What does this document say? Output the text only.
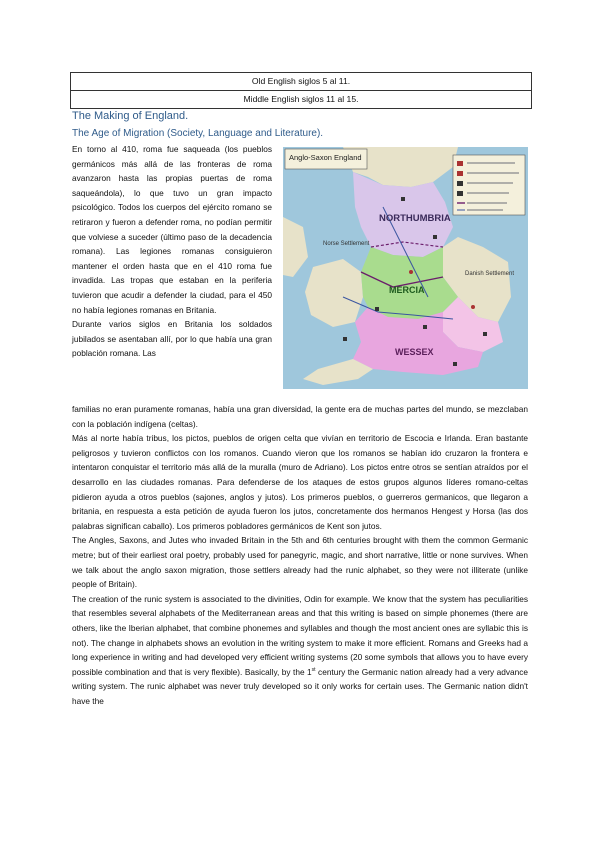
Old English siglos 5 al 11.
Middle English siglos 11 al 15.
The Making of England.
The Age of Migration (Society, Language and Literature).

En torno al 410, roma fue saqueada (los pueblos germánicos más allá de las fronteras de roma avanzaron hasta las propias puertas de roma saqueándola), lo que tuvo un gran impacto psicológico. Todos los cuerpos del ejército romano se retiraron y fueron a defender roma, no podían permitir que volviese a suceder (último paso de la decadencia romana). Las legiones romanas consiguieron mantener el orden hasta que en el 410 roma fue invadida. Las tropas que estaban en la periferia tuvieron que acudir a defender la ciudad, para el 450 no había legiones romanas en Britania.

Durante varios siglos en Britania los soldados jubilados se asentaban allí, por lo que había una gran población romana. Las

Anglo-Saxon England
NORTHUMBRIA
MERCIA
WESSEX
Norse Settlement
Danish Settlement

familias no eran puramente romanas, había una gran diversidad, la gente era de muchas partes del mundo, se mezclaban con la población indígena (celtas).

Más al norte había tribus, los pictos, pueblos de origen celta que vivían en territorio de Escocia e Irlanda. Eran bastante peligrosos y tuvieron conflictos con los romanos. Cuando vieron que los romanos se habían ido cruzaron la frontera e intentaron conquistar el territorio más allá de la muralla (muro de Adriano). Los pictos entre otros se sentían atraídos por el desarrollo en las ciudades romanas. Para defenderse de los ataques de estos grupos algunos líderes romano-celtas pidieron ayuda a otros pueblos (sajones, anglos y jutos). Los primeros pueblos, o guerreros germanicos, que llegaron a britania, en respuesta a esta petición de ayuda fueron los jutos, concretamente dos hermanos Hengest y Horsa (las dos palabras significan caballo). Los primeros pobladores germánicos de Kent son jutos.

The Angles, Saxons, and Jutes who invaded Britain in the 5th and 6th centuries brought with them the common Germanic metre; but of their earliest oral poetry, probably used for panegyric, magic, and short narrative, little or none survives. When we talk about the anglo saxon migration, those settlers already had the runic alphabet, so they were not illiterate (unlike people of Britain).

The creation of the runic system is associated to the divinities, Odin for example. We know that the system has peculiarities that resembles several alphabets of the Mediterranean areas and that this writing is based on simple phonemes (there are others, like the Iberian alphabet, that combine phonemes and syllables and though the most ancient ones are syllabic this is not). The change in alphabets shows an evolution in the writing system to make it more efficient. Romans and Greeks had a long experience in writing and had developed very efficient writing systems (20 some symbols that allows you to have every possible combination and that is very flexible). Basically, by the 1st century the Germanic nation already had a very advance writing system. The runic alphabet was never truly developed so it only works for certain uses. The Germanic nation didn't have the
